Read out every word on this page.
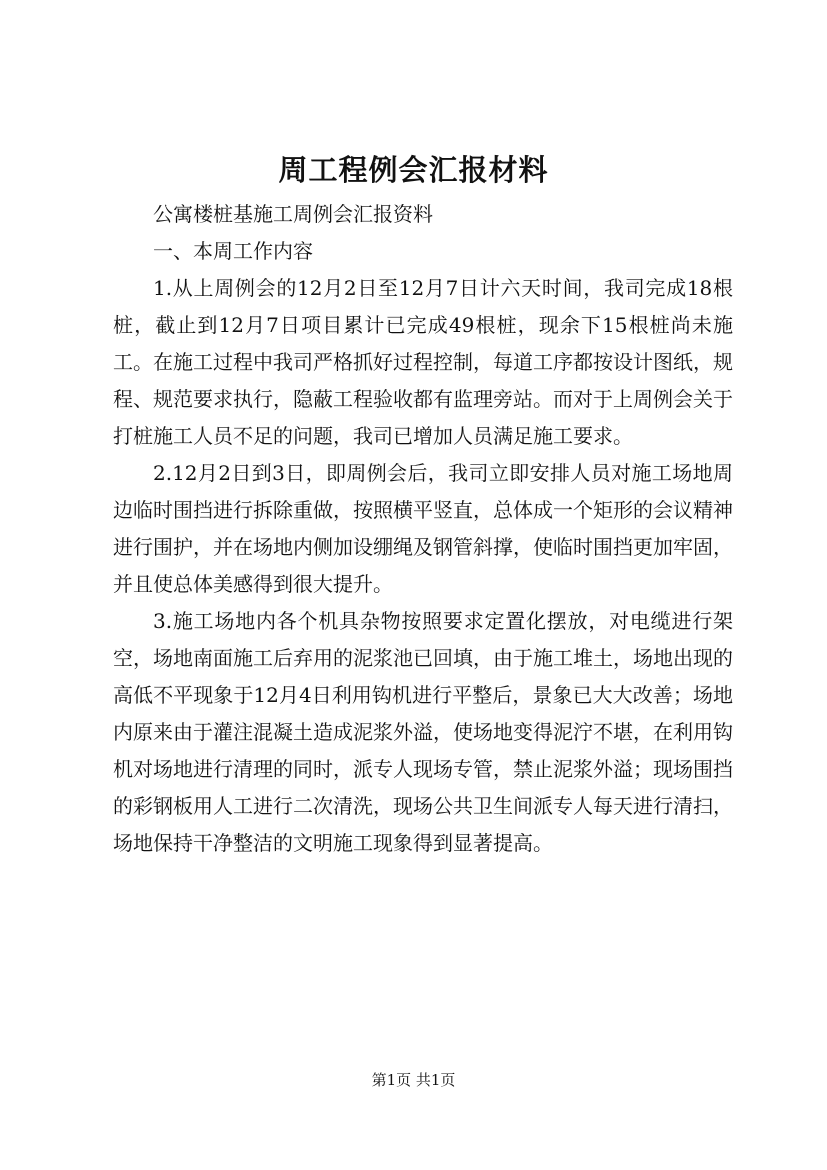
周工程例会汇报材料

公寓楼桩基施工周例会汇报资料

一、本周工作内容

1.从上周例会的12月2日至12月7日计六天时间，我司完成18根桩，截止到12月7日项目累计已完成49根桩，现余下15根桩尚未施工。在施工过程中我司严格抓好过程控制，每道工序都按设计图纸，规程、规范要求执行，隐蔽工程验收都有监理旁站。而对于上周例会关于打桩施工人员不足的问题，我司已增加人员满足施工要求。

2.12月2日到3日，即周例会后，我司立即安排人员对施工场地周边临时围挡进行拆除重做，按照横平竖直，总体成一个矩形的会议精神进行围护，并在场地内侧加设绷绳及钢管斜撑，使临时围挡更加牢固，并且使总体美感得到很大提升。

3.施工场地内各个机具杂物按照要求定置化摆放，对电缆进行架空，场地南面施工后弃用的泥浆池已回填，由于施工堆土，场地出现的高低不平现象于12月4日利用钩机进行平整后，景象已大大改善；场地内原来由于灌注混凝土造成泥浆外溢，使场地变得泥泞不堪，在利用钩机对场地进行清理的同时，派专人现场专管，禁止泥浆外溢；现场围挡的彩钢板用人工进行二次清洗，现场公共卫生间派专人每天进行清扫，场地保持干净整洁的文明施工现象得到显著提高。

第1页 共1页
